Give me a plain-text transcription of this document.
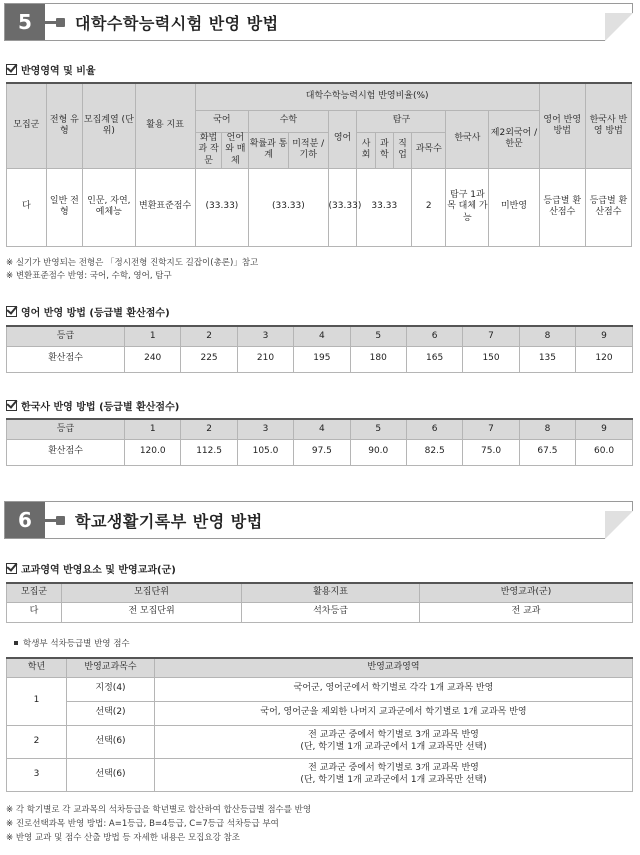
5	대학수학능력시험 반영 방법
반영영역 및 비율
모집군	전형 유형	모집계열 (단위)	활용 지표	대학수학능력시험 반영비율(%)											영어 반영 방법	한국사 반영 방법
				국어		수학		영어	탐구				한국사	제2외국어 /한문		
				화법과 작문	언어와 매체	확률과 통계	미적분 /기하		사 회	과 학	직 업	과목수				
다	일반 전형	인문, 자연, 예체능	변환표준점수	(33.33)		(33.33)		(33.33)	33.33			2	탐구 1과목 대체 가능	미반영	등급별 환산점수	등급별 환산점수
※ 실기가 반영되는 전형은 「정시전형 진학지도 길잡이(총론)」참고
※ 변환표준점수 반영: 국어, 수학, 영어, 탐구
영어 반영 방법 (등급별 환산점수)
등급	1	2	3	4	5	6	7	8	9
환산점수	240	225	210	195	180	165	150	135	120
한국사 반영 방법 (등급별 환산점수)
등급	1	2	3	4	5	6	7	8	9
환산점수	120.0	112.5	105.0	97.5	90.0	82.5	75.0	67.5	60.0
6	학교생활기록부 반영 방법
교과영역 반영요소 및 반영교과(군)
모집군	모집단위	활용지표	반영교과(군)
다	전 모집단위	석차등급	전 교과
학생부 석차등급별 반영 점수
학년	반영교과목수	반영교과영역
1	지정(4)	국어군, 영어군에서 학기별로 각각 1개 교과목 반영
	선택(2)	국어, 영어군을 제외한 나머지 교과군에서 학기별로 1개 교과목 반영
2	선택(6)	전 교과군 중에서 학기별로 3개 교과목 반영
(단, 학기별 1개 교과군에서 1개 교과목만 선택)

3	선택(6)	전 교과군 중에서 학기별로 3개 교과목 반영
(단, 학기별 1개 교과군에서 1개 교과목만 선택)
※ 각 학기별로 각 교과목의 석차등급을 학년별로 합산하여 합산등급별 점수를 반영
※ 진로선택과목 반영 방법: A=1등급, B=4등급, C=7등급 석차등급 부여
※ 반영 교과 및 점수 산출 방법 등 자세한 내용은 모집요강 참조
